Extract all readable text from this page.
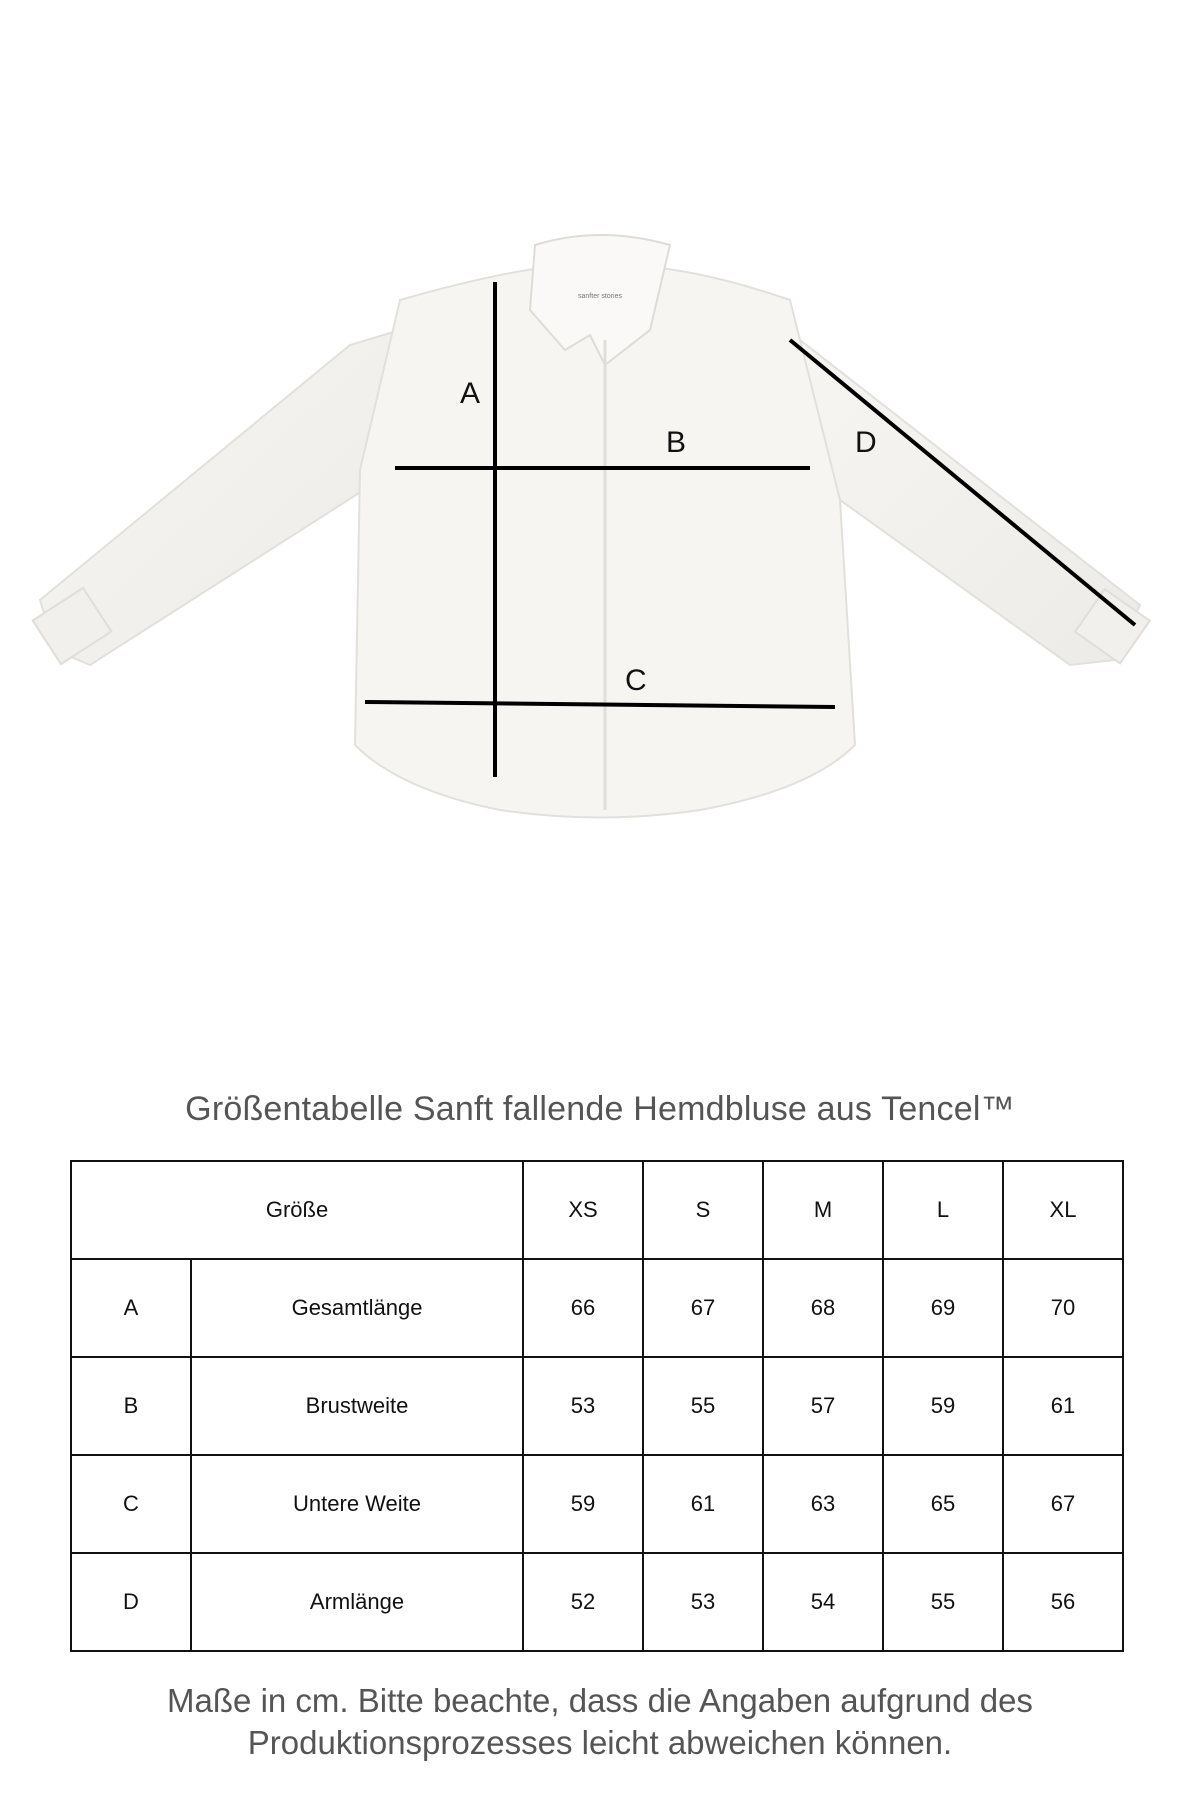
sanfter stories
A
B
C
D
Größentabelle Sanft fallende Hemdbluse aus Tencel™
Größe		XS	S	M	L	XL
A	Gesamtlänge	66	67	68	69	70
B	Brustweite	53	55	57	59	61
C	Untere Weite	59	61	63	65	67
D	Armlänge	52	53	54	55	56
Maße in cm. Bitte beachte, dass die Angaben aufgrund des
Produktionsprozesses leicht abweichen können.
